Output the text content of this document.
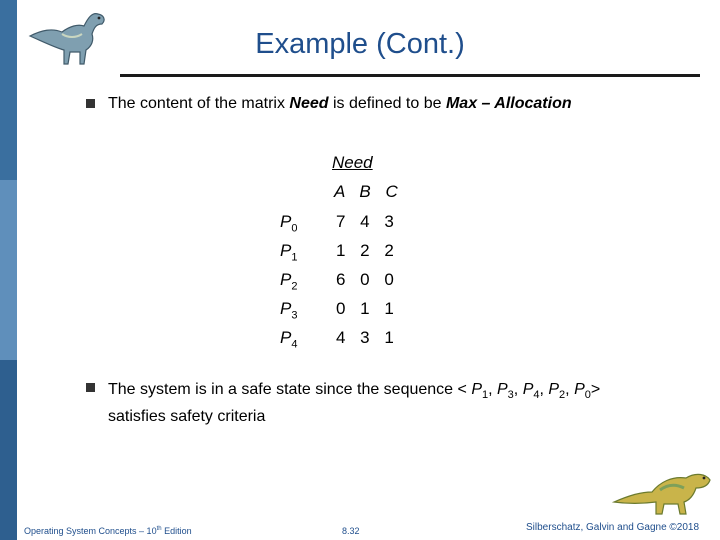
Example (Cont.)
The content of the matrix Need is defined to be Max – Allocation
Need
A B C
$P_0$ 7 4 3
$P_1$ 1 2 2
$P_2$ 6 0 0
$P_3$ 0 1 1
$P_4$ 4 3 1
The system is in a safe state since the sequence < $P_1$, $P_3$, $P_4$, $P_2$, $P_0>$
satisfies safety criteria
Operating System Concepts – 10th Edition	8.32	Silberschatz, Galvin and Gagne ©2018
